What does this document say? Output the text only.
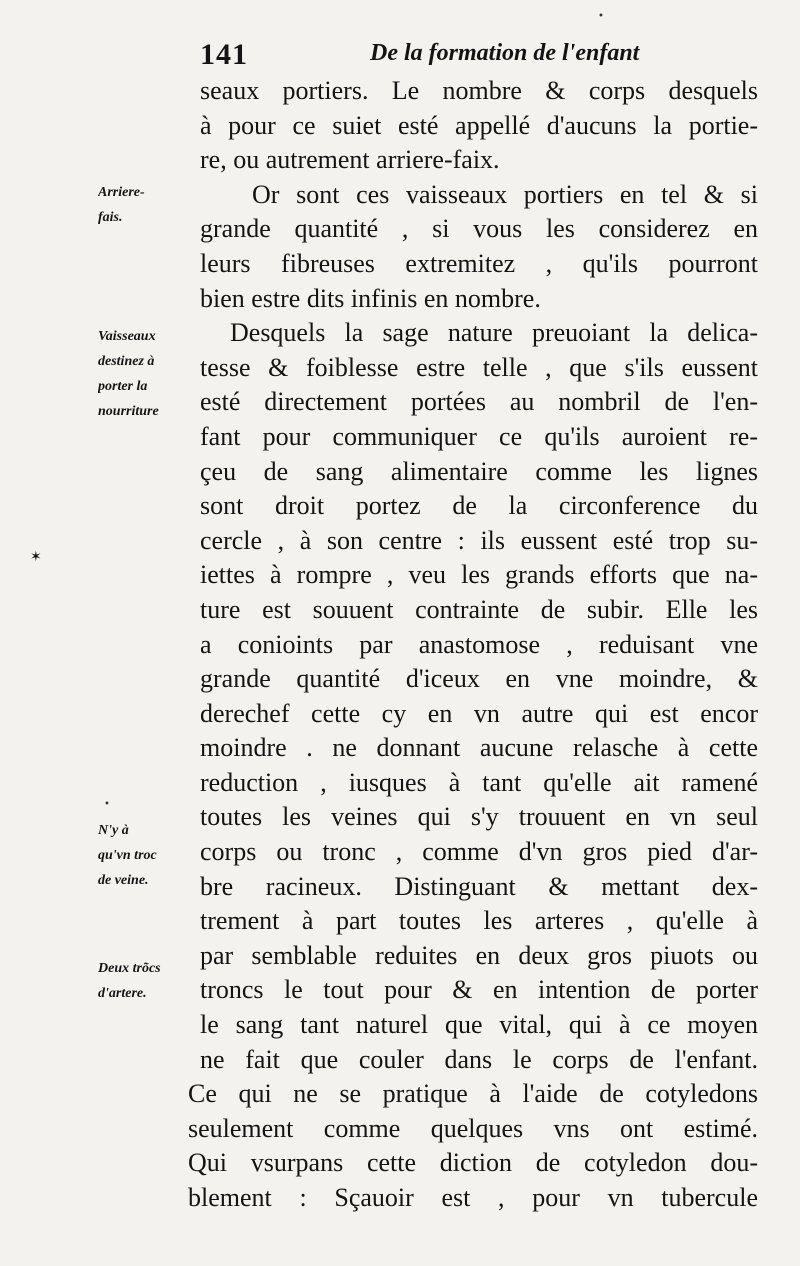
141	De la formation de l'enfant
seaux portiers. Le nombre & corps desquels
à pour ce suiet esté appellé d'aucuns la portie-
re, ou autrement arriere-faix.
Or sont ces vaisseaux portiers en tel & si
grande quantité , si vous les considerez en
leurs fibreuses extremitez , qu'ils pourront
bien estre dits infinis en nombre.
Desquels la sage nature preuoiant la delica-
tesse & foiblesse estre telle , que s'ils eussent
esté directement portées au nombril de l'en-
fant pour communiquer ce qu'ils auroient re-
çeu de sang alimentaire comme les lignes
sont droit portez de la circonference du
cercle , à son centre : ils eussent esté trop su-
iettes à rompre , veu les grands efforts que na-
ture est souuent contrainte de subir. Elle les
a conioints par anastomose , reduisant vne
grande quantité d'iceux en vne moindre, &
derechef cette cy en vn autre qui est encor
moindre . ne donnant aucune relasche à cette
reduction , iusques à tant qu'elle ait ramené
toutes les veines qui s'y trouuent en vn seul
corps ou tronc , comme d'vn gros pied d'ar-
bre racineux. Distinguant & mettant dex-
trement à part toutes les arteres , qu'elle à
par semblable reduites en deux gros piuots ou
troncs le tout pour & en intention de porter
le sang tant naturel que vital, qui à ce moyen
ne fait que couler dans le corps de l'enfant.
Ce qui ne se pratique à l'aide de cotyledons
seulement comme quelques vns ont estimé.
Qui vsurpans cette diction de cotyledon dou-
blement : Sçauoir est , pour vn tubercule
Arriere-
fais.
Vaisseaux
destinez à
porter la
nourriture
N'y à
qu'vn troc
de veine.
Deux trõcs
d'artere.
✶
•
•
